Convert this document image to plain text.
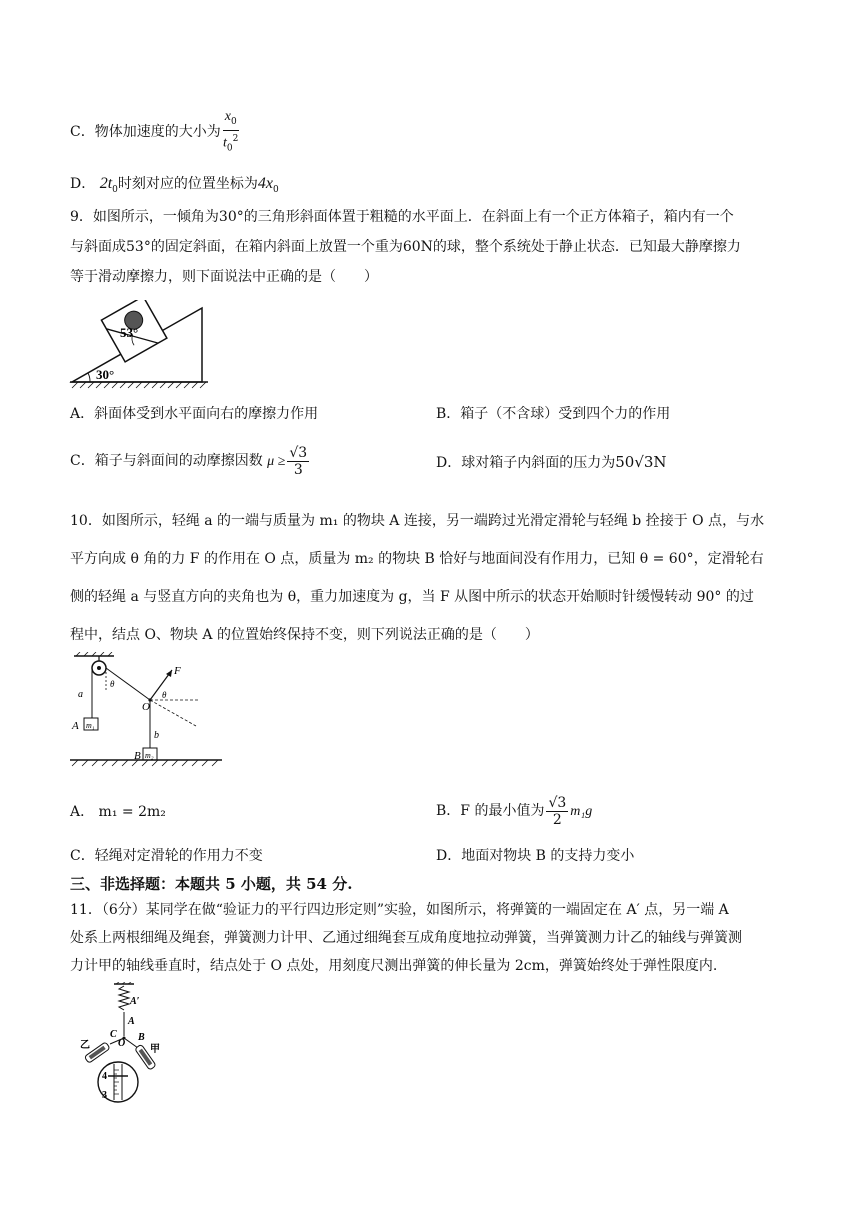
C．物体加速度的大小为 $\frac{x_0}{t_0^2}$
D． $2t_0$时刻对应的位置坐标为$4x_0$
9．如图所示，一倾角为30°的三角形斜面体置于粗糙的水平面上．在斜面上有一个正方体箱子，箱内有一个
与斜面成53°的固定斜面，在箱内斜面上放置一个重为60N的球，整个系统处于静止状态．已知最大静摩擦力
等于滑动摩擦力，则下面说法中正确的是（　　）
53°
30°
A．斜面体受到水平面向右的摩擦力作用	B．箱子（不含球）受到四个力的作用
C．箱子与斜面间的动摩擦因数 $\mu \ge \frac{√3}{3}$	D．球对箱子内斜面的压力为50√3N
10．如图所示，轻绳 a 的一端与质量为 m₁ 的物块 A 连接，另一端跨过光滑定滑轮与轻绳 b 拴接于 O 点，与水
平方向成 θ 角的力 F 的作用在 O 点，质量为 m₂ 的物块 B 恰好与地面间没有作用力，已知 θ = 60°，定滑轮右
侧的轻绳 a 与竖直方向的夹角也为 θ，重力加速度为 g，当 F 从图中所示的状态开始顺时针缓慢转动 90° 的过
程中，结点 O、物块 A 的位置始终保持不变，则下列说法正确的是（　　）
m₁
a
A
θ
O
F
θ
b
m₂
B
A． m₁ = 2m₂	B．F 的最小值为 $\frac{√3}{2} m_1g$
C．轻绳对定滑轮的作用力不变	D．地面对物块 B 的支持力变小
三、非选择题：本题共 5 小题，共 54 分.
11．（6分）某同学在做“验证力的平行四边形定则”实验，如图所示，将弹簧的一端固定在 A′ 点，另一端 A
处系上两根细绳及绳套，弹簧测力计甲、乙通过细绳套互成角度地拉动弹簧，当弹簧测力计乙的轴线与弹簧测
力计甲的轴线垂直时，结点处于 O 点处，用刻度尺测出弹簧的伸长量为 2cm，弹簧始终处于弹性限度内.
A′
A
O
C B
乙	甲
4
3
